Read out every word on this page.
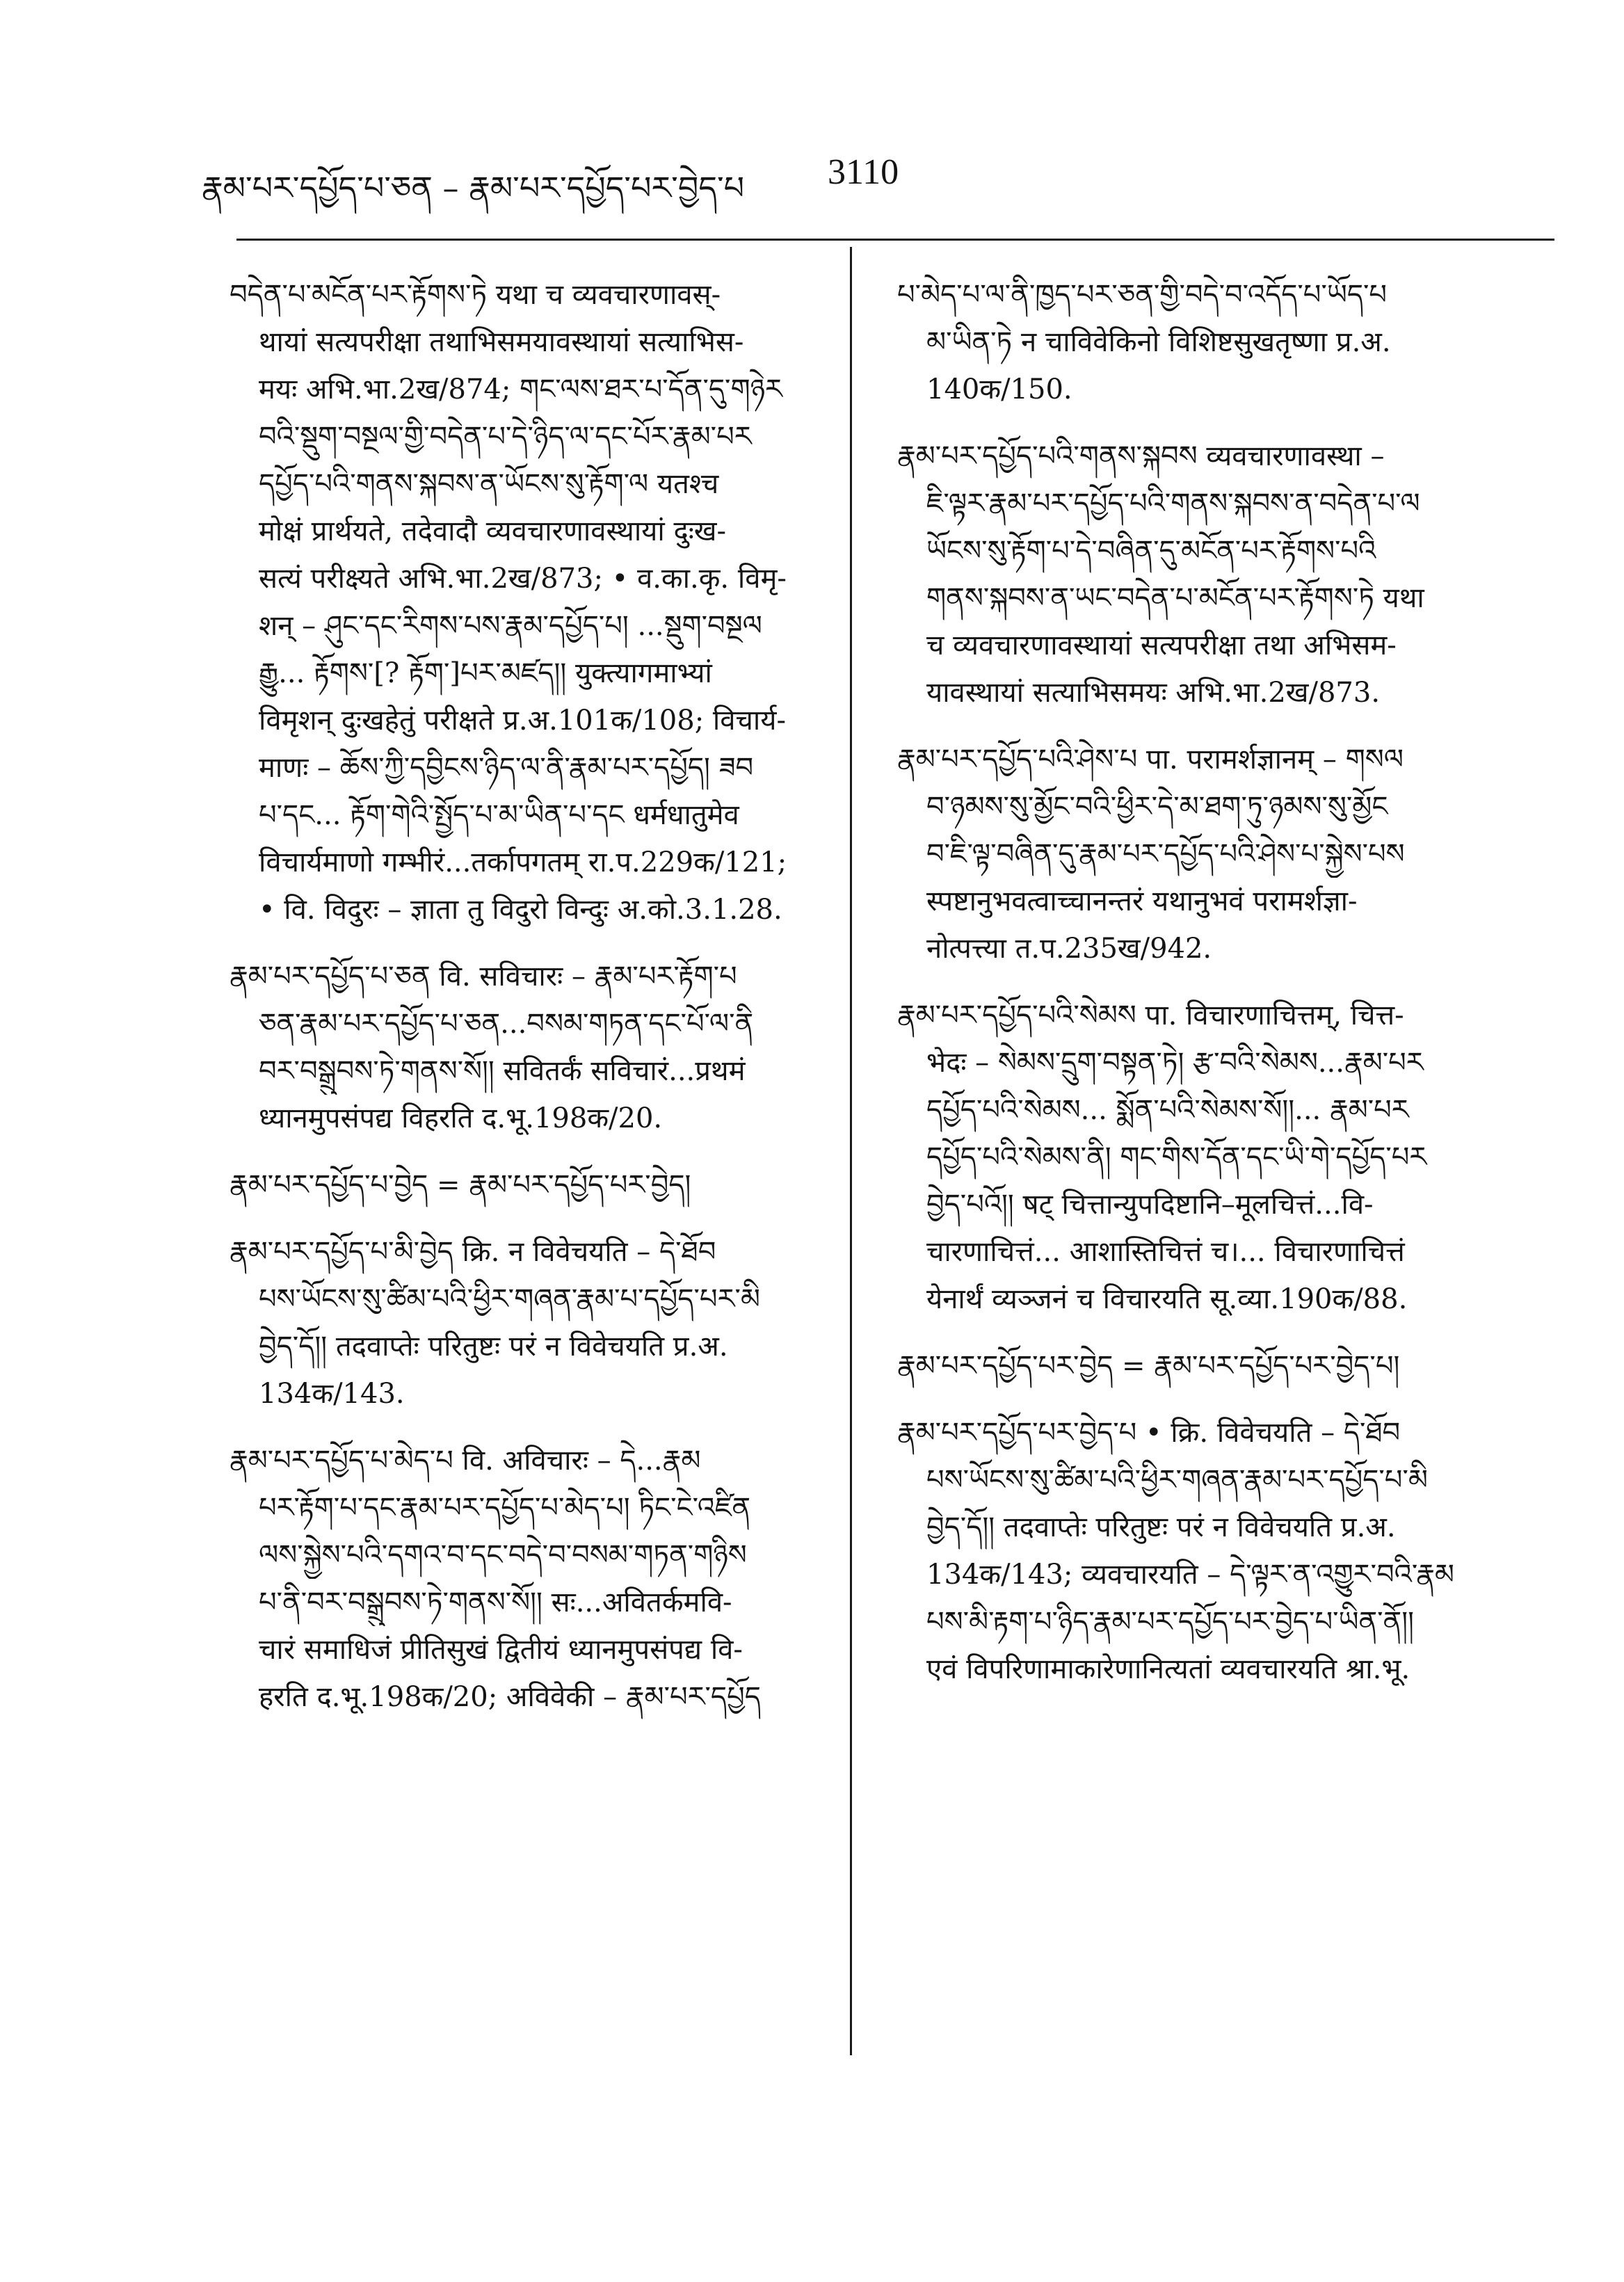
རྣམ་པར་དཔྱོད་པ་ཅན – རྣམ་པར་དཔྱོད་པར་བྱེད་པ 3110

བདེན་པ་མངོན་པར་རྟོགས་ཏེ यथा च व्यवचारणावस्-

थायां सत्यपरीक्षा तथाभिसमयावस्थायां सत्याभिस-

मयः अभि.भा.2ख/874; གང་ལས་ཐར་པ་དོན་དུ་གཉེར

བའི་སྡུག་བསྔལ་གྱི་བདེན་པ་དེ་ཉིད་ལ་དང་པོར་རྣམ་པར

དཔྱོད་པའི་གནས་སྐབས་ན་ཡོངས་སུ་རྟོག་ལ यतश्च

मोक्षं प्रार्थयते, तदेवादौ व्यवचारणावस्थायां दुःख-

सत्यं परीक्ष्यते अभि.भा.2ख/873; • व.का.कृ. विमृ-

शन् – ཤུང་དང་རིགས་པས་རྣམ་དཔྱོད་པ། ...སྡུག་བསྔལ

རྒྱུ... རྟོགས་[? རྟོག་]པར་མཛད།། युक्त्यागमाभ्यां

विमृशन् दुःखहेतुं परीक्षते प्र.अ.101क/108; विचार्य-

माणः – ཆོས་ཀྱི་དབྱིངས་ཉིད་ལ་ནི་རྣམ་པར་དཔྱོད། ཟབ

པ་དང... རྟོག་གེའི་སྤྱོད་པ་མ་ཡིན་པ་དང धर्मधातुमेव

विचार्यमाणो गम्भीरं...तर्कापगतम् रा.प.229क/121;

• वि. विदुरः – ज्ञाता तु विदुरो विन्दुः अ.को.3.1.28.

རྣམ་པར་དཔྱོད་པ་ཅན वि. सविचारः – རྣམ་པར་རྟོག་པ

ཅན་རྣམ་པར་དཔྱོད་པ་ཅན...བསམ་གཏན་དང་པོ་ལ་ནི

བར་བསྒྲུབས་ཏེ་གནས་སོ།། सवितर्कं सविचारं...प्रथमं

ध्यानमुपसंपद्य विहरति द.भू.198क/20.

རྣམ་པར་དཔྱོད་པ་བྱེད = རྣམ་པར་དཔྱོད་པར་བྱེད།

རྣམ་པར་དཔྱོད་པ་མི་བྱེད क्रि. न विवेचयति – དེ་ཐོབ

པས་ཡོངས་སུ་ཚིམ་པའི་ཕྱིར་གཞན་རྣམ་པ་དཔྱོད་པར་མི

བྱེད་དོ།། तदवाप्तेः परितुष्टः परं न विवेचयति प्र.अ.

134क/143.

རྣམ་པར་དཔྱོད་པ་མེད་པ वि. अविचारः – དེ...རྣམ

པར་རྟོག་པ་དང་རྣམ་པར་དཔྱོད་པ་མེད་པ། ཏིང་ངེ་འཛིན

ལས་སྐྱེས་པའི་དགའ་བ་དང་བདེ་བ་བསམ་གཏན་གཉིས

པ་ནི་བར་བསྒྲུབས་ཏེ་གནས་སོ།། सः...अवितर्कमवि-

चारं समाधिजं प्रीतिसुखं द्वितीयं ध्यानमुपसंपद्य वि-

हरति द.भू.198क/20; अविवेकी – རྣམ་པར་དཔྱོད

པ་མེད་པ་ལ་ནི་ཁྱད་པར་ཅན་གྱི་བདེ་བ་འདོད་པ་ཡོད་པ

མ་ཡིན་ཏེ न चाविवेकिनो विशिष्टसुखतृष्णा प्र.अ.

140क/150.

རྣམ་པར་དཔྱོད་པའི་གནས་སྐབས व्यवचारणावस्था –

ཇི་ལྟར་རྣམ་པར་དཔྱོད་པའི་གནས་སྐབས་ན་བདེན་པ་ལ

ཡོངས་སུ་རྟོག་པ་དེ་བཞིན་དུ་མངོན་པར་རྟོགས་པའི

གནས་སྐབས་ན་ཡང་བདེན་པ་མངོན་པར་རྟོགས་ཏེ यथा

च व्यवचारणावस्थायां सत्यपरीक्षा तथा अभिसम-

यावस्थायां सत्याभिसमयः अभि.भा.2ख/873.

རྣམ་པར་དཔྱོད་པའི་ཤེས་པ पा. परामर्शज्ञानम् – གསལ

བ་ཉམས་སུ་མྱོང་བའི་ཕྱིར་དེ་མ་ཐག་ཏུ་ཉམས་སུ་མྱོང

བ་ཇི་ལྟ་བཞིན་དུ་རྣམ་པར་དཔྱོད་པའི་ཤེས་པ་སྐྱེས་པས

स्पष्टानुभवत्वाच्चानन्तरं यथानुभवं परामर्शज्ञा-

नोत्पत्त्या त.प.235ख/942.

རྣམ་པར་དཔྱོད་པའི་སེམས पा. विचारणाचित्तम्, चित्त-

भेदः – སེམས་དྲུག་བསྟན་ཏེ། རྩ་བའི་སེམས...རྣམ་པར

དཔྱོད་པའི་སེམས... སྨོན་པའི་སེམས་སོ།།... རྣམ་པར

དཔྱོད་པའི་སེམས་ནི། གང་གིས་དོན་དང་ཡི་གེ་དཔྱོད་པར

བྱེད་པའོ།། षट् चित्तान्युपदिष्टानि–मूलचित्तं...वि-

चारणाचित्तं... आशास्तिचित्तं च।... विचारणाचित्तं

येनार्थं व्यञ्जनं च विचारयति सू.व्या.190क/88.

རྣམ་པར་དཔྱོད་པར་བྱེད = རྣམ་པར་དཔྱོད་པར་བྱེད་པ།

རྣམ་པར་དཔྱོད་པར་བྱེད་པ • क्रि. विवेचयति – དེ་ཐོབ

པས་ཡོངས་སུ་ཚིམ་པའི་ཕྱིར་གཞན་རྣམ་པར་དཔྱོད་པ་མི

བྱེད་དོ།། तदवाप्तेः परितुष्टः परं न विवेचयति प्र.अ.

134क/143; व्यवचारयति – དེ་ལྟར་ན་འགྱུར་བའི་རྣམ

པས་མི་རྟག་པ་ཉིད་རྣམ་པར་དཔྱོད་པར་བྱེད་པ་ཡིན་ནོ།།

एवं विपरिणामाकारेणानित्यतां व्यवचारयति श्रा.भू.
